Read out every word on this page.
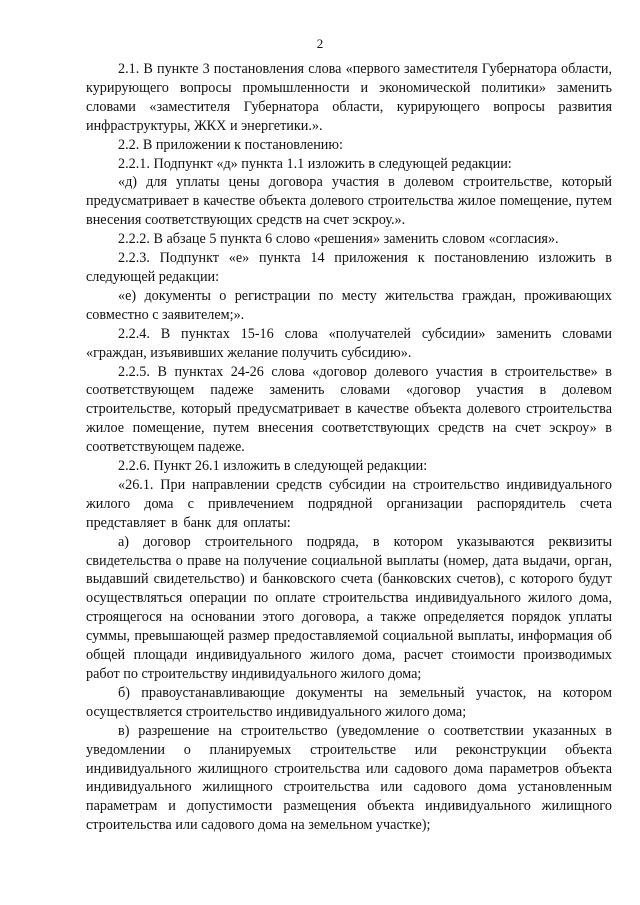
2

2.1. В пункте 3 постановления слова «первого заместителя Губернатора области, курирующего вопросы промышленности и экономической политики» заменить словами «заместителя Губернатора области, курирующего вопросы развития инфраструктуры, ЖКХ и энергетики.».

2.2. В приложении к постановлению:

2.2.1. Подпункт «д» пункта 1.1 изложить в следующей редакции:

«д) для уплаты цены договора участия в долевом строительстве, который предусматривает в качестве объекта долевого строительства жилое помещение, путем внесения соответствующих средств на счет эскроу.».

2.2.2. В абзаце 5 пункта 6 слово «решения» заменить словом «согласия».

2.2.3. Подпункт «е» пункта 14 приложения к постановлению изложить в следующей редакции:

«е) документы о регистрации по месту жительства граждан, проживающих совместно с заявителем;».

2.2.4. В пунктах 15-16 слова «получателей субсидии» заменить словами «граждан, изъявивших желание получить субсидию».

2.2.5. В пунктах 24-26 слова «договор долевого участия в строительстве» в соответствующем падеже заменить словами «договор участия в долевом строительстве, который предусматривает в качестве объекта долевого строительства жилое помещение, путем внесения соответствующих средств на счет эскроу» в соответствующем падеже.

2.2.6. Пункт 26.1 изложить в следующей редакции:

«26.1. При направлении средств субсидии на строительство индивидуального жилого дома с привлечением подрядной организации распорядитель счета представляет в банк для оплаты:

а) договор строительного подряда, в котором указываются реквизиты свидетельства о праве на получение социальной выплаты (номер, дата выдачи, орган, выдавший свидетельство) и банковского счета (банковских счетов), с которого будут осуществляться операции по оплате строительства индивидуального жилого дома, строящегося на основании этого договора, а также определяется порядок уплаты суммы, превышающей размер предоставляемой социальной выплаты, информация об общей площади индивидуального жилого дома, расчет стоимости производимых работ по строительству индивидуального жилого дома;

б) правоустанавливающие документы на земельный участок, на котором осуществляется строительство индивидуального жилого дома;

в) разрешение на строительство (уведомление о соответствии указанных в уведомлении о планируемых строительстве или реконструкции объекта индивидуального жилищного строительства или садового дома параметров объекта индивидуального жилищного строительства или садового дома установленным параметрам и допустимости размещения объекта индивидуального жилищного строительства или садового дома на земельном участке);
